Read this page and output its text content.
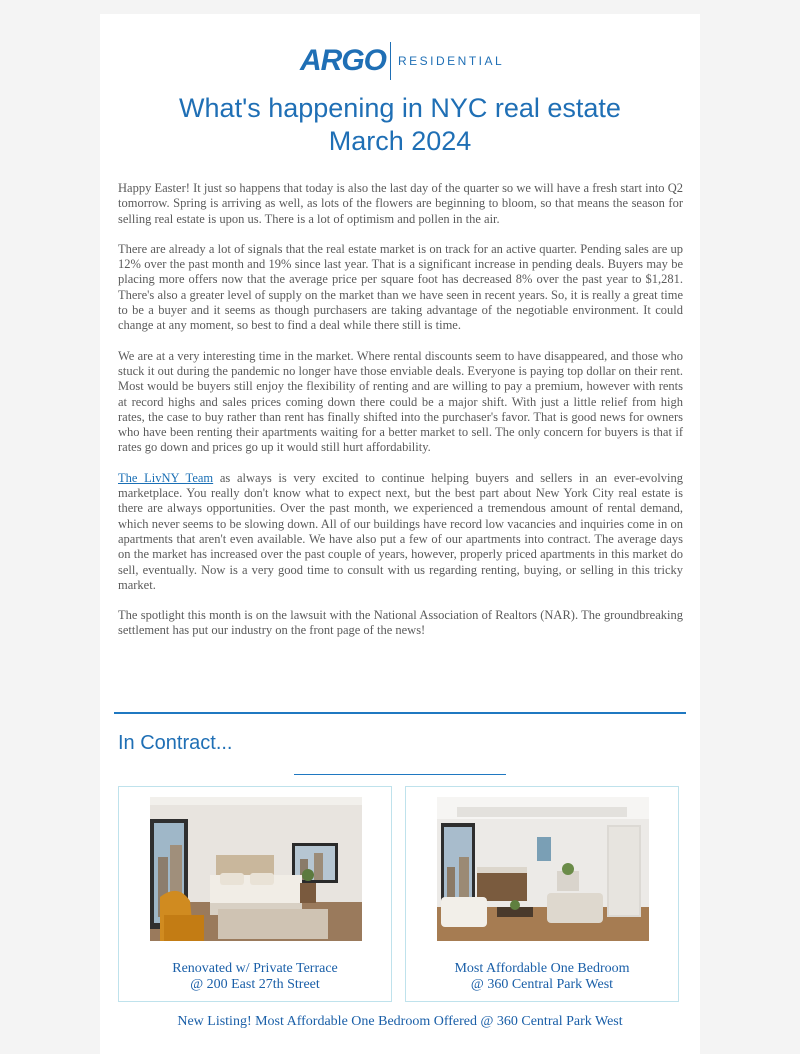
ARGO RESIDENTIAL
What's happening in NYC real estate
March 2024

Happy Easter! It just so happens that today is also the last day of the quarter so we will have a fresh start into Q2 tomorrow. Spring is arriving as well, as lots of the flowers are beginning to bloom, so that means the season for selling real estate is upon us. There is a lot of optimism and pollen in the air.

There are already a lot of signals that the real estate market is on track for an active quarter. Pending sales are up 12% over the past month and 19% since last year. That is a significant increase in pending deals. Buyers may be placing more offers now that the average price per square foot has decreased 8% over the past year to $1,281. There's also a greater level of supply on the market than we have seen in recent years. So, it is really a great time to be a buyer and it seems as though purchasers are taking advantage of the negotiable environment. It could change at any moment, so best to find a deal while there still is time.

We are at a very interesting time in the market. Where rental discounts seem to have disappeared, and those who stuck it out during the pandemic no longer have those enviable deals. Everyone is paying top dollar on their rent. Most would be buyers still enjoy the flexibility of renting and are willing to pay a premium, however with rents at record highs and sales prices coming down there could be a major shift. With just a little relief from high rates, the case to buy rather than rent has finally shifted into the purchaser's favor. That is good news for owners who have been renting their apartments waiting for a better market to sell. The only concern for buyers is that if rates go down and prices go up it would still hurt affordability.

The LivNY Team as always is very excited to continue helping buyers and sellers in an ever-evolving marketplace. You really don't know what to expect next, but the best part about New York City real estate is there are always opportunities. Over the past month, we experienced a tremendous amount of rental demand, which never seems to be slowing down. All of our buildings have record low vacancies and inquiries come in on apartments that aren't even available. We have also put a few of our apartments into contract. The average days on the market has increased over the past couple of years, however, properly priced apartments in this market do sell, eventually. Now is a very good time to consult with us regarding renting, buying, or selling in this tricky market.

The spotlight this month is on the lawsuit with the National Association of Realtors (NAR). The groundbreaking settlement has put our industry on the front page of the news!

In Contract...
Renovated w/ Private Terrace
@ 200 East 27th Street
Most Affordable One Bedroom
@ 360 Central Park West
New Listing! Most Affordable One Bedroom Offered @ 360 Central Park West
